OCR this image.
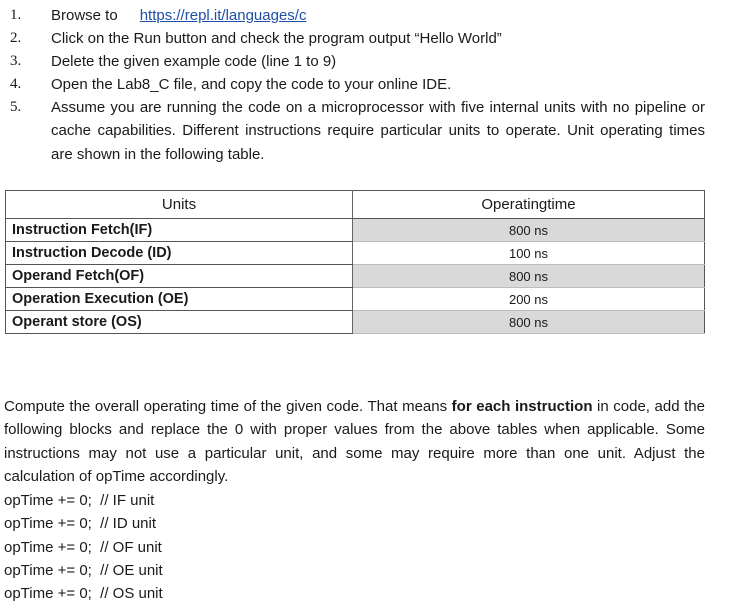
1. Browse to https://repl.it/languages/c
2. Click on the Run button and check the program output “Hello World”
3. Delete the given example code (line 1 to 9)
4. Open the Lab8_C file, and copy the code to your online IDE.
5. Assume you are running the code on a microprocessor with five internal units with no pipeline or cache capabilities. Different instructions require particular units to operate. Unit operating times are shown in the following table.
Units	Operatingtime
Instruction Fetch(IF)	800 ns
Instruction Decode (ID)	100 ns
Operand Fetch(OF)	800 ns
Operation Execution (OE)	200 ns
Operant store (OS)	800 ns
Compute the overall operating time of the given code. That means for each instruction in code, add the following blocks and replace the 0 with proper values from the above tables when applicable. Some instructions may not use a particular unit, and some may require more than one unit. Adjust the calculation of opTime accordingly.
opTime += 0;  // IF unit
opTime += 0;  // ID unit
opTime += 0;  // OF unit
opTime += 0;  // OE unit
opTime += 0;  // OS unit
